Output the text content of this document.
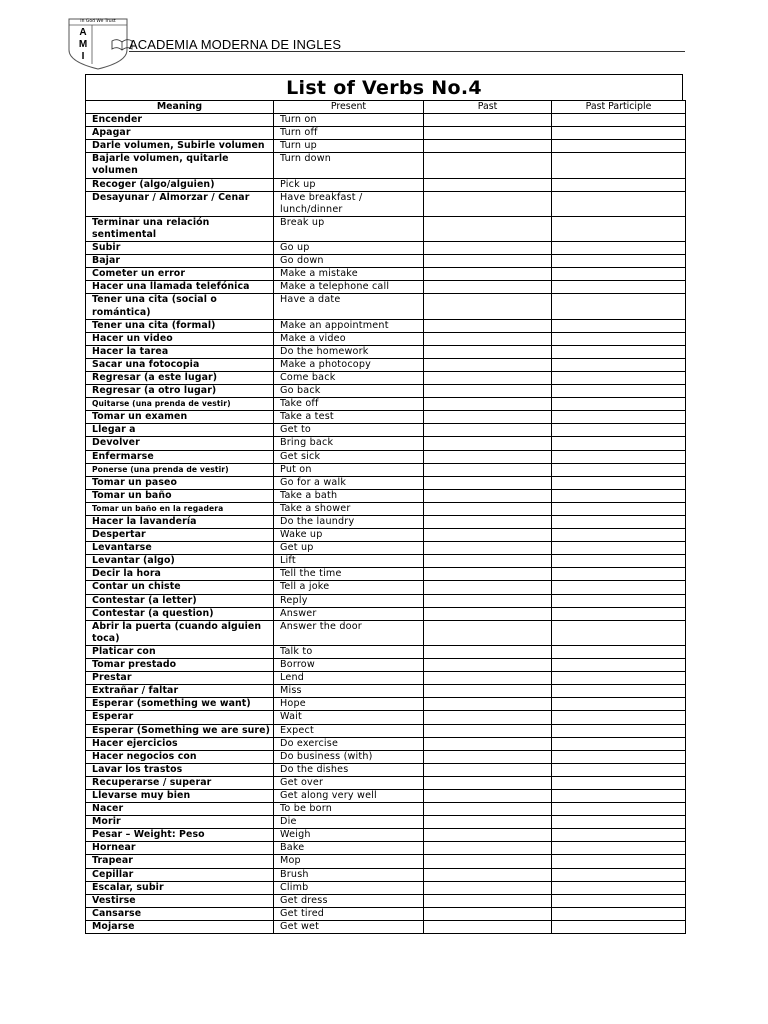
In God We Trust
A
M
I
ACADEMIA MODERNA DE INGLES
List of Verbs No.4
Meaning	Present	Past	Past Participle
Encender	Turn on		
Apagar	Turn off		
Darle volumen, Subirle volumen	Turn up		
Bajarle volumen, quitarle volumen	Turn down		
Recoger (algo/alguien)	Pick up		
Desayunar / Almorzar / Cenar	Have breakfast / lunch/dinner		
Terminar una relación sentimental	Break up		
Subir	Go up		
Bajar	Go down		
Cometer un error	Make a mistake		
Hacer una llamada telefónica	Make a telephone call		
Tener una cita (social o romántica)	Have a date		
Tener una cita (formal)	Make an appointment		
Hacer un video	Make a video		
Hacer la tarea	Do the homework		
Sacar una fotocopia	Make a photocopy		
Regresar (a este lugar)	Come back		
Regresar (a otro lugar)	Go back		
Quitarse (una prenda de vestir)	Take off		
Tomar un examen	Take a test		
Llegar a	Get to		
Devolver	Bring back		
Enfermarse	Get sick		
Ponerse (una prenda de vestir)	Put on		
Tomar un paseo	Go for a walk		
Tomar un baño	Take a bath		
Tomar un baño en la regadera	Take a shower		
Hacer la lavandería	Do the laundry		
Despertar	Wake up		
Levantarse	Get up		
Levantar (algo)	Lift		
Decir la hora	Tell the time		
Contar un chiste	Tell a joke		
Contestar (a letter)	Reply		
Contestar (a question)	Answer		
Abrir la puerta (cuando alguien toca)	Answer the door		
Platicar con	Talk to		
Tomar prestado	Borrow		
Prestar	Lend		
Extrañar / faltar	Miss		
Esperar (something we want)	Hope		
Esperar	Wait		
Esperar (Something we are sure)	Expect		
Hacer ejercicios	Do exercise		
Hacer negocios con	Do business (with)		
Lavar los trastos	Do the dishes		
Recuperarse / superar	Get over		
Llevarse muy bien	Get along very well		
Nacer	To be born		
Morir	Die		
Pesar – Weight: Peso	Weigh		
Hornear	Bake		
Trapear	Mop		
Cepillar	Brush		
Escalar, subir	Climb		
Vestirse	Get dress		
Cansarse	Get tired		
Mojarse	Get wet		
